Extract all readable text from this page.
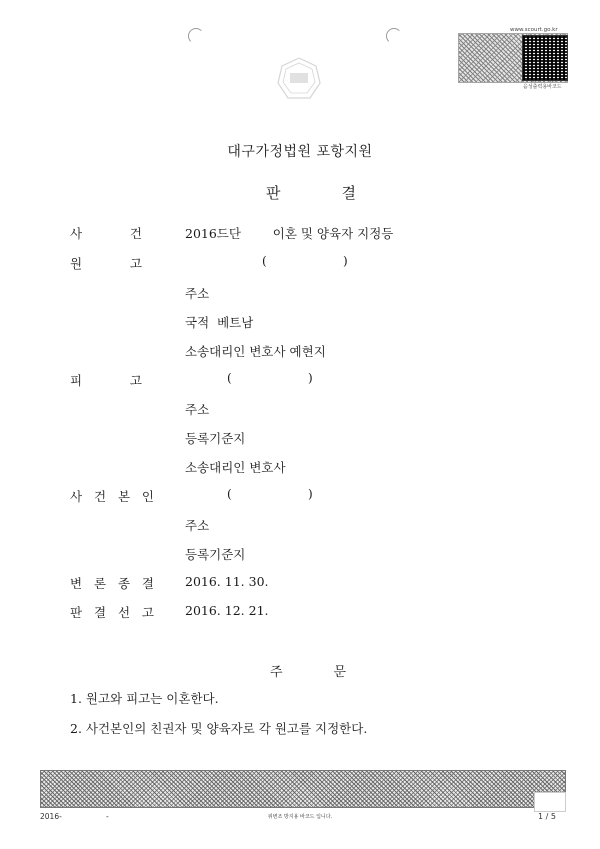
www.scourt.go.kr
음성출력용바코드
대구가정법원 포항지원
판	결
사	건	2016드단        이혼 및 양육자 지정등
원	고	(                    )
주소
국적  베트남
소송대리인 변호사 예현지
피	고	(                    )
주소
등록기준지
소송대리인 변호사
사 건 본 인	(                    )
주소
등록기준지
변 론 종 결 2016. 11. 30.
판 결 선 고 2016. 12. 21.
주	문
1. 원고와 피고는 이혼한다.
2. 사건본인의 친권자 및 양육자로 각 원고를 지정한다.
2016-	-	위변조 방지용 바코드 입니다.	1 / 5
